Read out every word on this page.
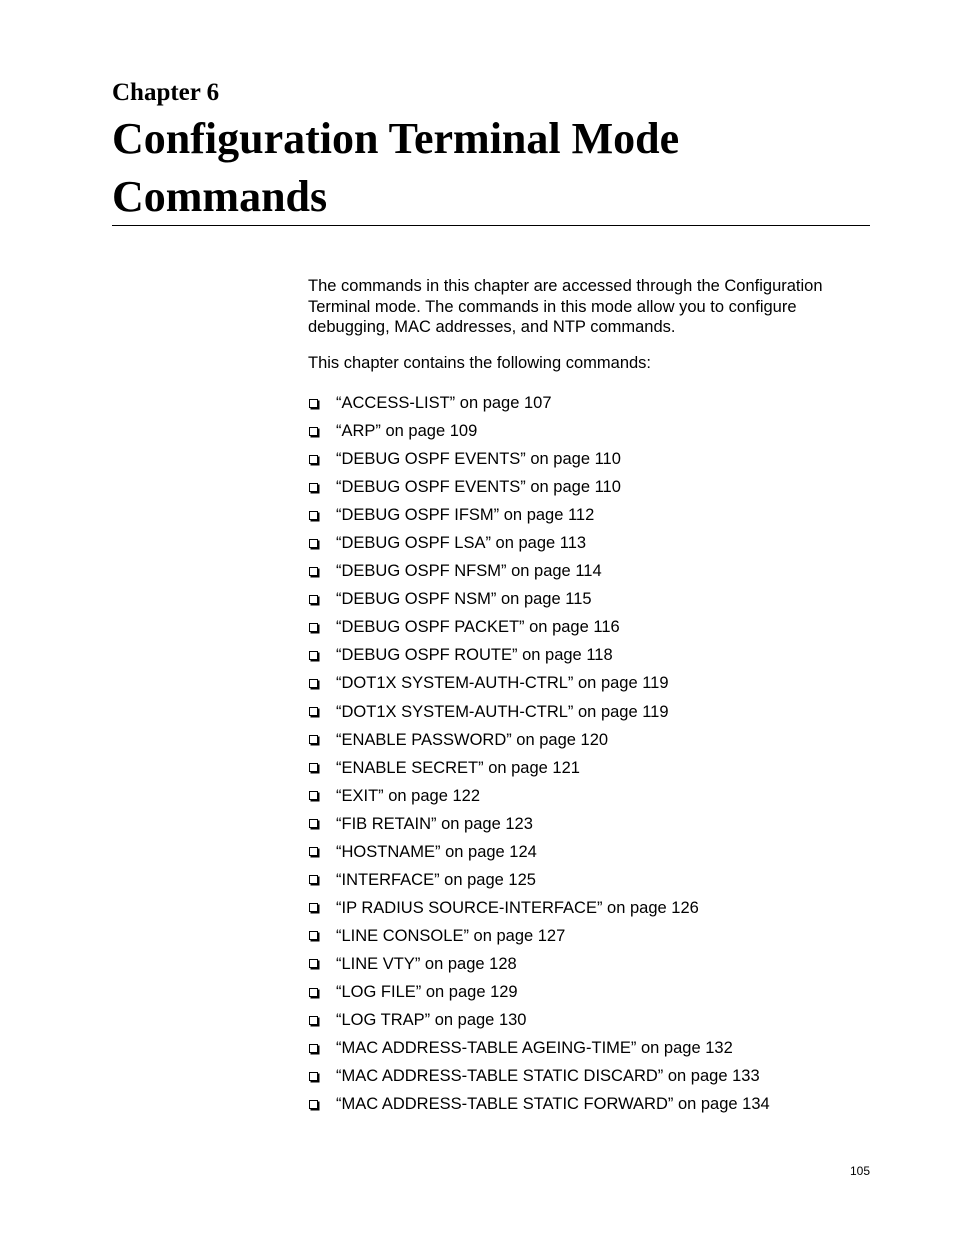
Chapter 6
Configuration Terminal Mode Commands

The commands in this chapter are accessed through the Configuration Terminal mode. The commands in this mode allow you to configure debugging, MAC addresses, and NTP commands.

This chapter contains the following commands:

“ACCESS-LIST” on page 107
“ARP” on page 109
“DEBUG OSPF EVENTS” on page 110
“DEBUG OSPF EVENTS” on page 110
“DEBUG OSPF IFSM” on page 112
“DEBUG OSPF LSA” on page 113
“DEBUG OSPF NFSM” on page 114
“DEBUG OSPF NSM” on page 115
“DEBUG OSPF PACKET” on page 116
“DEBUG OSPF ROUTE” on page 118
“DOT1X SYSTEM-AUTH-CTRL” on page 119
“DOT1X SYSTEM-AUTH-CTRL” on page 119
“ENABLE PASSWORD” on page 120
“ENABLE SECRET” on page 121
“EXIT” on page 122
“FIB RETAIN” on page 123
“HOSTNAME” on page 124
“INTERFACE” on page 125
“IP RADIUS SOURCE-INTERFACE” on page 126
“LINE CONSOLE” on page 127
“LINE VTY” on page 128
“LOG FILE” on page 129
“LOG TRAP” on page 130
“MAC ADDRESS-TABLE AGEING-TIME” on page 132
“MAC ADDRESS-TABLE STATIC DISCARD” on page 133
“MAC ADDRESS-TABLE STATIC FORWARD” on page 134
105
